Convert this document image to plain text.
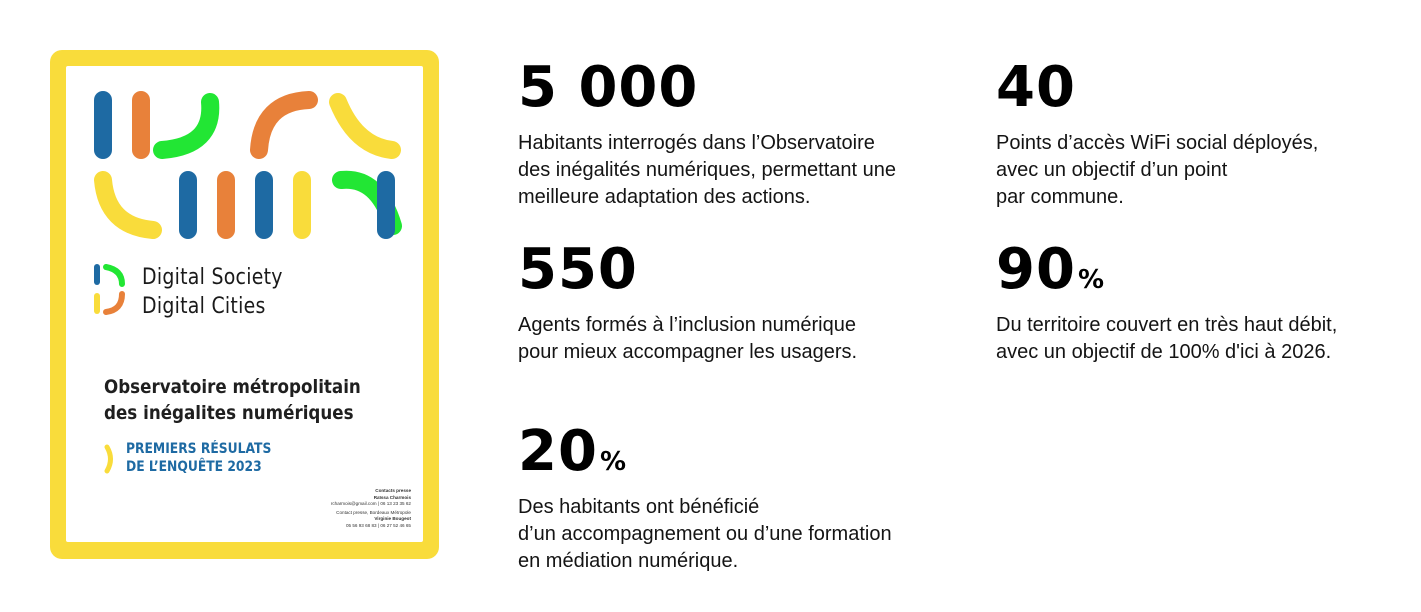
Digital Society
Digital Cities
Observatoire métropolitain
des inégalites numériques
PREMIERS RÉSULATS
DE L’ENQUÊTE 2023
Contacts presse
Raïssa Charmois
rcharmois@gmail.com | 06 13 23 35 62
Contact presse, Bordeaux Métropole
Virginie Bougeot
05 56 93 68 83 | 06 27 52 46 65
5 000
Habitants interrogés dans l’Observatoire
des inégalités numériques, permettant une
meilleure adaptation des actions.
550
Agents formés à l’inclusion numérique
pour mieux accompagner les usagers.
20%
Des habitants ont bénéficié
d’un accompagnement ou d’une formation
en médiation numérique.
40
Points d’accès WiFi social déployés,
avec un objectif d’un point
par commune.
90%
Du territoire couvert en très haut débit,
avec un objectif de 100% d'ici à 2026.
